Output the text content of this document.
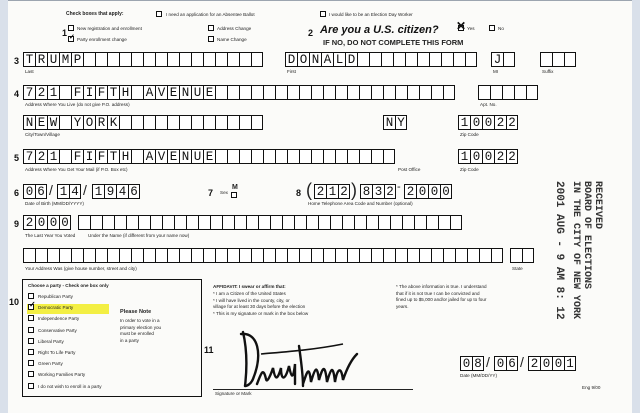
Check boxes that apply:	I need an application for an Absentee Ballot	I would like to be an Election Day Worker
1 New registration and enrollment
✓ Party enrollment change
Address Change
Name Change
2 Are you a U.S. citizen? ✕ Yes	No
IF NO, DO NOT COMPLETE THIS FORM
3 T R U M P
Last
D O N A L D
First
J
MI	Suffix
4 7 2 1 F I F T H A V E N U E
Address Where You Live (do not give P.O. address)	Apt. No.
N E W Y O R K
City/Town/Village
N Y	1 0 0 2 2
Zip Code
5 7 2 1 F I F T H A V E N U E
Address Where You Get Your Mail (if P.O. Box etc)	Post Office
1 0 0 2 2
Zip Code
6 0 6 / 1 4 / 1 9 4 6
Date of Birth (MM/DD/YYYY)
7 Sex
M
8 ( 2 1 2 ) 8 3 2 - 2 0 0 0
Home Telephone Area Code and Number (optional)
9 2 0 0 0
The Last Year You Voted	Under the Name (if different from your name now)
Your Address Was (give house number, street and city)	State
10
Choose a party - Check one box only
Republican Party
✓ Democratic Party
Independence Party
Conservative Party
Liberal Party
Right To Life Party
Green Party
Working Families Party
I do not wish to enroll in a party
Please Note
In order to vote in a
primary election you
must be enrolled
in a party
AFFIDAVIT: I swear or affirm that:
* I am a Citizen of the United States
* I will have lived in the county, city, or
village for at least 30 days before the election
* This is my signature or mark in the box below
* The above information is true. I understand
that if it is not true I can be convicted and
fined up to $5,000 and/or jailed for up to four
years.
11
Signature or Mark
0 8 / 0 6 / 2 0 0 1
Date (MM/DD/YY)
Eng 9/00
RECEIVED
BOARD OF ELECTIONS
IN THE CITY OF NEW YORK
2001 AUG - 9 AM 8: 12
